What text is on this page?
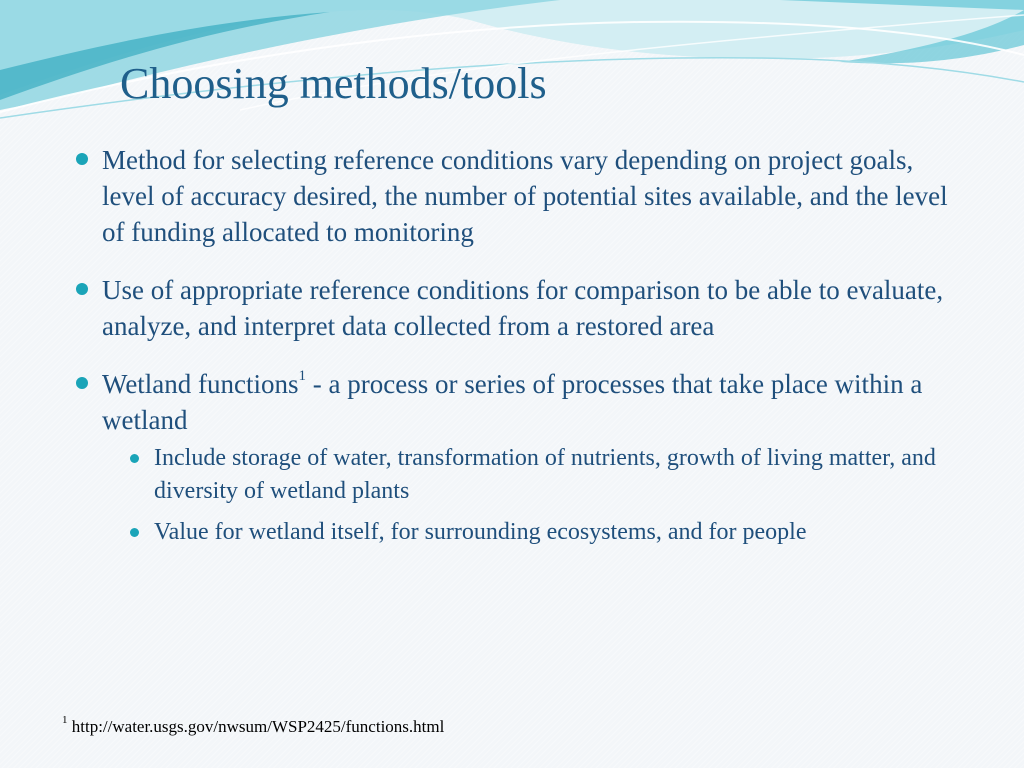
Choosing methods/tools
Method for selecting reference conditions vary depending on project goals, level of accuracy desired, the number of potential sites available, and the level of funding allocated to monitoring
Use of appropriate reference conditions for comparison to be able to evaluate, analyze, and interpret data collected from a restored area
Wetland functions$^1$ - a process or series of processes that take place within a wetland
Include storage of water, transformation of nutrients, growth of living matter, and diversity of wetland plants
Value for wetland itself, for surrounding ecosystems, and for people
$^1$ http://water.usgs.gov/nwsum/WSP2425/functions.html
